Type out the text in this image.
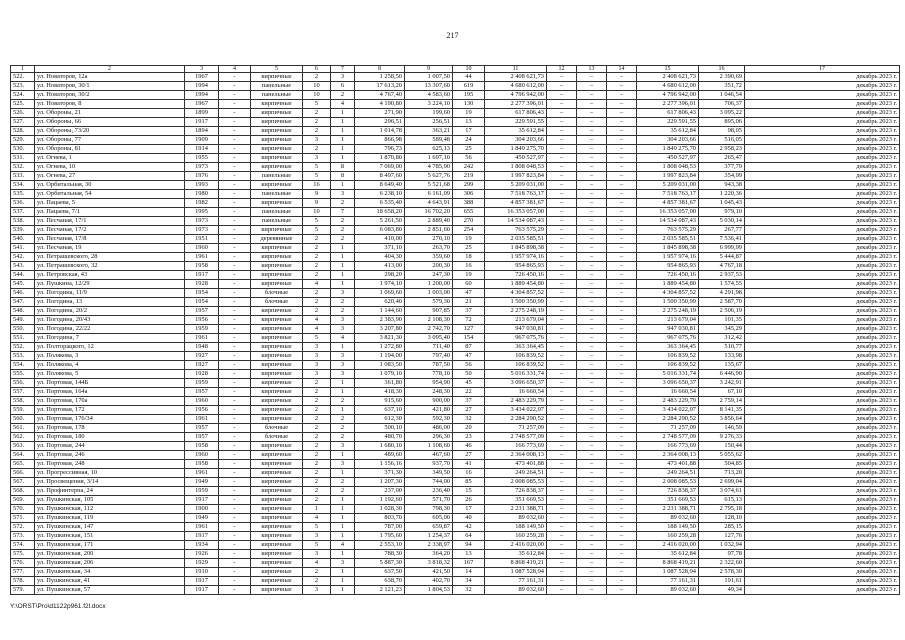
217
1	2	3	4	5	6	7	8	9	10	11	12	13	14	15	16	17
522.	ул. Новаторов, 12а	1967	-	кирпичные	2	3	1 258,50	1 007,50	44	2 408 621,73	–	–	–	2 408 621,73	2 390,69	декабрь 2023 г.
523.	ул. Новаторов, 30/1	1994	-	панельные	10	6	17 613,20	13 307,60	619	4 680 612,00	–	–	–	4 680 612,00	351,72	декабрь 2023 г.
524.	ул. Новаторов, 30/2	1994	-	панельные	10	2	4 767,40	4 583,60	195	4 796 942,00	–	–	–	4 796 942,00	1 046,54	декабрь 2023 г.
525.	ул. Новаторов, 8	1967	-	кирпичные	5	4	4 190,80	3 224,10	130	2 277 396,01	–	–	–	2 277 396,01	706,37	декабрь 2023 г.
526.	ул. Обороны, 21	1899	-	кирпичные	2	1	271,90	199,60	19	617 806,43	–	–	–	617 806,43	3 095,22	декабрь 2023 г.
527.	ул. Обороны, 66	1917	-	кирпичные	2	1	296,51	256,51	13	229 591,55	–	–	–	229 591,55	895,06	декабрь 2023 г.
528.	ул. Обороны, 73/20	1894	-	кирпичные	2	1	1 014,78	363,21	17	35 612,84	–	–	–	35 612,84	98,05	декабрь 2023 г.
529.	ул. Обороны, 77	1909	-	кирпичные	3	1	866,98	589,48	24	304 203,66	–	–	–	304 203,66	516,05	декабрь 2023 г.
530.	ул. Обороны, 81	1914	-	кирпичные	2	1	796,73	625,13	25	1 849 275,70	–	–	–	1 849 275,70	2 958,23	декабрь 2023 г.
531.	ул. Огнева, 1	1955	-	кирпичные	3	1	1 870,80	1 697,10	56	450 527,97	–	–	–	450 527,97	265,47	декабрь 2023 г.
532.	ул. Огнева, 10	1973	-	кирпичные	5	8	7 069,00	4 785,90	242	1 808 048,53	–	–	–	1 808 048,53	377,79	декабрь 2023 г.
533.	ул. Огнева, 27	1976	-	панельные	5	8	8 497,60	5 627,76	219	1 997 823,84	–	–	–	1 997 823,84	354,99	декабрь 2023 г.
534.	ул. Орбитальная, 30	1993	-	кирпичные	16	1	8 649,40	5 521,68	299	5 209 031,00	–	–	–	5 209 031,00	943,38	декабрь 2023 г.
535.	ул. Орбитальная, 54	1980	-	панельные	9	3	6 238,10	6 161,09	306	7 518 763,17	–	–	–	7 518 763,17	1 220,36	декабрь 2023 г.
536.	ул. Пацаева, 5	1982	-	кирпичные	9	2	6 535,40	4 643,91	388	4 857 381,67	–	–	–	4 857 381,67	1 045,43	декабрь 2023 г.
537.	ул. Пацаева, 7/1	1995	-	панельные	10	7	18 658,20	16 702,20	655	16 353 057,00	–	–	–	16 353 057,00	979,10	декабрь 2023 г.
538.	ул. Песчаная, 17/1	1973	-	панельные	5	2	5 261,50	2 889,40	270	14 534 087,43	–	–	–	14 534 087,43	5 030,14	декабрь 2023 г.
539.	ул. Песчаная, 17/2	1973	-	кирпичные	5	2	6 083,80	2 851,60	254	763 575,29	–	–	–	763 575,29	267,77	декабрь 2023 г.
540.	ул. Песчаная, 17/8	1951	-	деревянные	2	2	410,00	270,10	19	2 035 585,51	–	–	–	2 035 585,51	7 536,41	декабрь 2023 г.
541.	ул. Песчаная, 19	1960	-	кирпичные	2	1	371,10	263,70	25	1 845 898,38	–	–	–	1 845 898,38	6 999,99	декабрь 2023 г.
542.	ул. Петрашевского, 28	1961	-	кирпичные	2	1	404,30	359,60	18	1 957 974,16	–	–	–	1 957 974,16	5 444,87	декабрь 2023 г.
543.	ул. Петрашевского, 32	1958	-	кирпичные	2	1	413,00	200,30	16	954 865,93	–	–	–	954 865,93	4 767,18	декабрь 2023 г.
544.	ул. Петровская, 43	1917	-	кирпичные	2	1	298,20	247,30	19	726 450,16	–	–	–	726 450,16	2 937,53	декабрь 2023 г.
545.	ул. Пушкина, 12/29	1928	-	кирпичные	4	1	1 974,10	1 200,00	60	1 889 454,80	–	–	–	1 889 454,80	1 574,55	декабрь 2023 г.
546.	ул. Погодина, 11/9	1954	-	блочные	2	3	1 069,60	1 003,00	47	4 304 857,52	–	–	–	4 304 857,52	4 291,98	декабрь 2023 г.
547.	ул. Погодина, 13	1954	-	блочные	2	2	620,40	579,30	21	1 500 350,99	–	–	–	1 500 350,99	2 587,70	декабрь 2023 г.
548.	ул. Погодина, 20/2	1957	-	кирпичные	2	2	1 144,60	907,85	37	2 275 248,19	–	–	–	2 275 248,19	2 506,19	декабрь 2023 г.
549.	ул. Погодина, 20/43	1956	-	кирпичные	4	3	2 383,90	2 108,30	72	213 679,04	–	–	–	213 679,04	101,35	декабрь 2023 г.
550.	ул. Погодина, 22/22	1959	-	кирпичные	4	3	3 207,80	2 742,70	127	947 030,81	–	–	–	947 030,81	345,29	декабрь 2023 г.
551.	ул. Погодина, 7	1961	-	кирпичные	5	4	3 821,30	3 095,40	154	967 075,76	–	–	–	967 075,76	312,42	декабрь 2023 г.
552.	ул. Полторацкого, 12	1948	-	кирпичные	3	1	1 272,80	711,40	87	363 364,45	–	–	–	363 364,45	510,77	декабрь 2023 г.
553.	ул. Полякова, 3	1927	-	кирпичные	3	3	1 194,00	797,40	47	106 839,52	–	–	–	106 839,52	133,98	декабрь 2023 г.
554.	ул. Полякова, 4	1927	-	кирпичные	3	3	1 083,50	787,50	56	106 839,52	–	–	–	106 839,52	135,67	декабрь 2023 г.
555.	ул. Полякова, 5	1928	-	кирпичные	3	3	1 079,10	778,10	50	5 016 331,74	–	–	–	5 016 331,74	6 446,90	декабрь 2023 г.
556.	ул. Портовая, 144Б	1959	-	кирпичные	2	1	361,80	954,90	45	3 096 650,37	–	–	–	3 096 650,37	3 242,91	декабрь 2023 г.
557.	ул. Портовая, 164а	1957	-	кирпичные	2	1	418,30	248,30	22	16 660,54	–	–	–	16 660,54	67,10	декабрь 2023 г.
558.	ул. Портовая, 170а	1960	-	кирпичные	2	2	915,60	900,00	37	2 483 229,79	–	–	–	2 483 229,79	2 759,14	декабрь 2023 г.
559.	ул. Портовая, 172	1956	-	кирпичные	2	1	637,10	421,80	27	3 434 022,07	–	–	–	3 434 022,07	8 141,35	декабрь 2023 г.
560.	ул. Портовая, 176/34	1961	-	кирпичные	2	2	612,30	592,30	32	2 284 290,52	–	–	–	2 284 290,52	3 856,64	декабрь 2023 г.
561.	ул. Портовая, 178	1957	-	блочные	2	2	500,10	486,00	20	71 257,09	–	–	–	71 257,09	146,59	декабрь 2023 г.
562.	ул. Портовая, 180	1957	-	блочные	2	2	480,70	296,30	23	2 748 577,09	–	–	–	2 748 577,09	9 276,33	декабрь 2023 г.
563.	ул. Портовая, 244	1958	-	кирпичные	2	3	1 680,10	1 108,60	46	166 773,69	–	–	–	166 773,69	150,44	декабрь 2023 г.
564.	ул. Портовая, 246	1960	-	кирпичные	2	1	489,60	467,60	27	2 364 008,13	–	–	–	2 364 008,13	5 055,62	декабрь 2023 г.
565.	ул. Портовая, 248	1958	-	кирпичные	2	3	1 156,16	937,70	41	473 401,88	–	–	–	473 401,88	504,85	декабрь 2023 г.
566.	ул. Прогрессивная, 10	1961	-	кирпичные	2	1	371,30	349,50	16	249 264,51	–	–	–	249 264,51	713,20	декабрь 2023 г.
567.	ул. Просвещения, 3/14	1949	-	кирпичные	2	2	1 207,30	744,00	85	2 008 085,53	–	–	–	2 008 085,53	2 699,04	декабрь 2023 г.
568.	ул. Профинтерна, 24	1959	-	кирпичные	2	2	237,00	236,40	15	726 838,37	–	–	–	726 838,37	3 074,61	декабрь 2023 г.
569.	ул. Пушкинская, 105	1917	-	кирпичные	2	1	1 192,60	571,70	26	351 669,53	–	–	–	351 669,53	615,13	декабрь 2023 г.
570.	ул. Пушкинская, 112	1900	-	кирпичные	1	1	1 028,30	798,30	17	2 231 388,71	–	–	–	2 231 388,71	2 795,18	декабрь 2023 г.
571.	ул. Пушкинская, 119	1949	-	кирпичные	4	1	803,70	695,00	40	89 032,60	–	–	–	89 032,60	128,10	декабрь 2023 г.
572.	ул. Пушкинская, 147	1961	-	кирпичные	5	1	787,00	659,87	42	188 149,50	–	–	–	188 149,50	285,15	декабрь 2023 г.
573.	ул. Пушкинская, 151	1917	-	кирпичные	3	1	1 795,60	1 254,37	64	160 259,28	–	–	–	160 259,28	127,76	декабрь 2023 г.
574.	ул. Пушкинская, 171	1934	-	кирпичные	5	4	2 553,10	2 338,97	94	2 416 020,00	–	–	–	2 416 020,00	1 032,94	декабрь 2023 г.
575.	ул. Пушкинская, 200	1926	-	кирпичные	3	1	788,30	364,20	13	35 612,84	–	–	–	35 612,84	97,78	декабрь 2023 г.
576.	ул. Пушкинская, 206	1929	-	кирпичные	4	3	5 887,30	3 818,32	167	8 868 419,21	–	–	–	8 868 419,21	2 322,60	декабрь 2023 г.
577.	ул. Пушкинская, 34	1910	-	кирпичные	2	1	637,50	421,50	14	1 087 528,94	–	–	–	1 087 528,94	2 578,30	декабрь 2023 г.
578.	ул. Пушкинская, 41	1917	-	кирпичные	2	1	638,70	402,70	34	77 161,31	–	–	–	77 161,31	191,61	декабрь 2023 г.
579.	ул. Пушкинская, 57	1917	-	кирпичные	3	1	2 121,23	1 804,53	32	89 032,60	–	–	–	89 032,60	49,34	декабрь 2023 г.
Y:\ORST\Pro\d1122p961.f2l.docx
